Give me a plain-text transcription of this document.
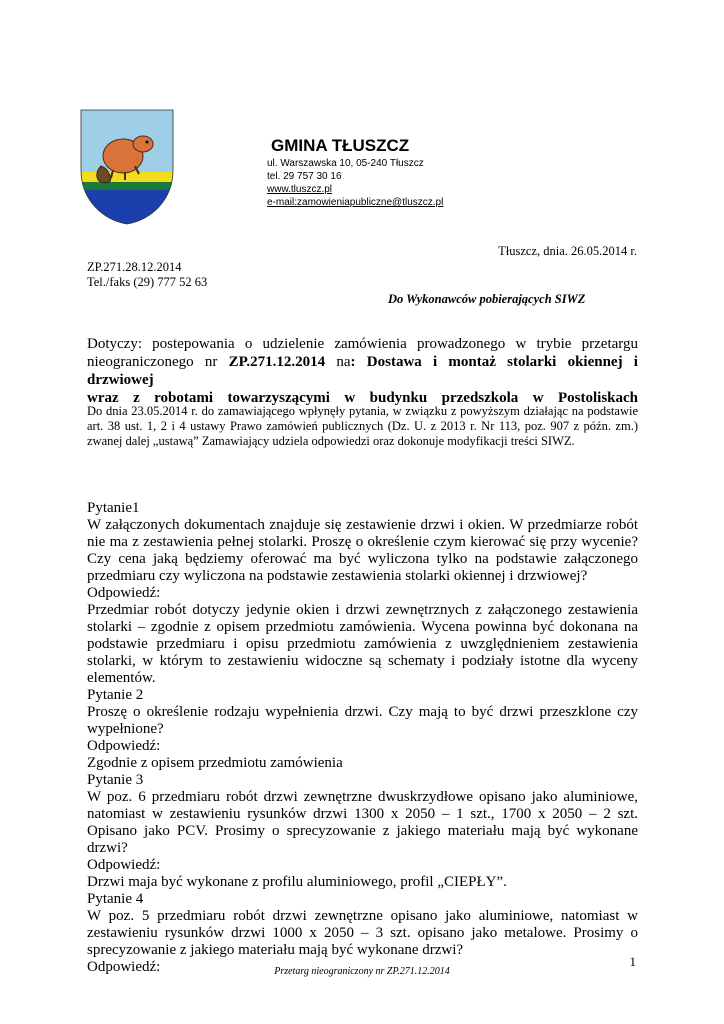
GMINA TŁUSZCZ
ul. Warszawska 10, 05-240 Tłuszcz
tel. 29 757 30 16
www.tluszcz.pl
e-mail:zamowieniapubliczne@tluszcz.pl
Tłuszcz, dnia. 26.05.2014 r.
ZP.271.28.12.2014
Tel./faks (29) 777 52 63
Do Wykonawców pobierających SIWZ
Dotyczy: postepowania o udzielenie zamówienia prowadzonego w trybie przetargu
nieograniczonego nr ZP.271.12.2014 na: Dostawa i montaż stolarki okiennej i drzwiowej
wraz z robotami towarzyszącymi w budynku przedszkola w Postoliskach
Do dnia 23.05.2014 r. do zamawiającego wpłynęły pytania, w związku z powyższym działając na podstawie art. 38 ust. 1, 2 i 4 ustawy Prawo zamówień publicznych (Dz. U. z 2013 r. Nr 113, poz. 907 z późn. zm.) zwanej dalej „ustawą” Zamawiający udziela odpowiedzi oraz dokonuje modyfikacji treści SIWZ.

Pytanie1

W załączonych dokumentach znajduje się zestawienie drzwi i okien. W przedmiarze robót nie ma z zestawienia pełnej stolarki. Proszę o określenie czym kierować się przy wycenie? Czy cena jaką będziemy oferować ma być wyliczona tylko na podstawie załączonego przedmiaru czy wyliczona na podstawie zestawienia stolarki okiennej i drzwiowej?

Odpowiedź:

Przedmiar robót dotyczy jedynie okien i drzwi zewnętrznych z załączonego zestawienia stolarki – zgodnie z opisem przedmiotu zamówienia. Wycena powinna być dokonana na podstawie przedmiaru i opisu przedmiotu zamówienia z uwzględnieniem zestawienia stolarki, w którym to zestawieniu widoczne są schematy i podziały istotne dla wyceny elementów.

Pytanie 2

Proszę o określenie rodzaju wypełnienia drzwi. Czy mają to być drzwi przeszklone czy wypełnione?

Odpowiedź:

Zgodnie z opisem przedmiotu zamówienia

Pytanie 3

W poz. 6 przedmiaru robót drzwi zewnętrzne dwuskrzydłowe opisano jako aluminiowe, natomiast w zestawieniu rysunków drzwi 1300 x 2050 – 1 szt., 1700 x 2050 – 2 szt. Opisano jako PCV. Prosimy o sprecyzowanie z jakiego materiału mają być wykonane drzwi?

Odpowiedź:

Drzwi maja być wykonane z profilu aluminiowego, profil „CIEPŁY”.

Pytanie 4

W poz. 5 przedmiaru robót drzwi zewnętrzne opisano jako aluminiowe, natomiast w zestawieniu rysunków drzwi 1000 x 2050 – 3 szt. opisano jako metalowe. Prosimy o sprecyzowanie z jakiego materiału mają być wykonane drzwi?

Odpowiedź:	1
Przetarg nieograniczony nr ZP.271.12.2014
